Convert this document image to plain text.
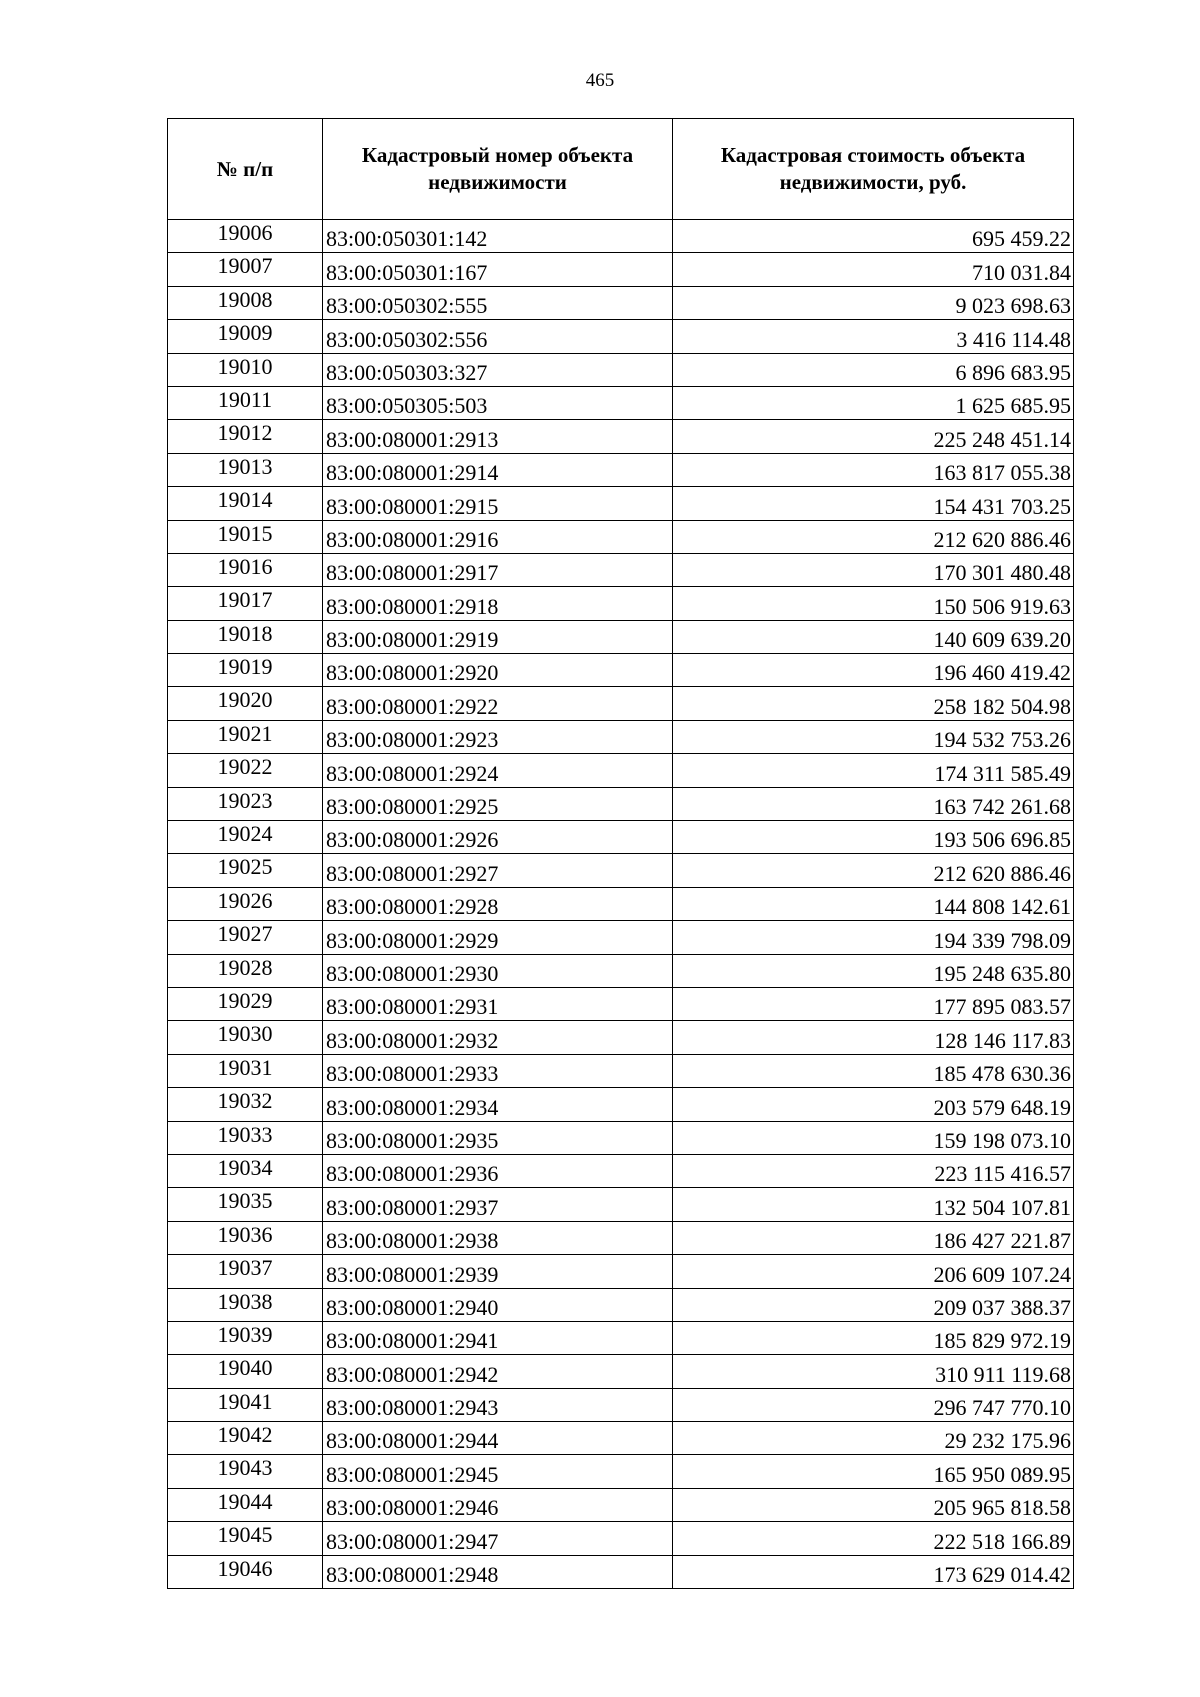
465
№ п/п	Кадастровый номер объекта недвижимости	Кадастровая стоимость объекта недвижимости, руб.
19006	83:00:050301:142	695 459.22
19007	83:00:050301:167	710 031.84
19008	83:00:050302:555	9 023 698.63
19009	83:00:050302:556	3 416 114.48
19010	83:00:050303:327	6 896 683.95
19011	83:00:050305:503	1 625 685.95
19012	83:00:080001:2913	225 248 451.14
19013	83:00:080001:2914	163 817 055.38
19014	83:00:080001:2915	154 431 703.25
19015	83:00:080001:2916	212 620 886.46
19016	83:00:080001:2917	170 301 480.48
19017	83:00:080001:2918	150 506 919.63
19018	83:00:080001:2919	140 609 639.20
19019	83:00:080001:2920	196 460 419.42
19020	83:00:080001:2922	258 182 504.98
19021	83:00:080001:2923	194 532 753.26
19022	83:00:080001:2924	174 311 585.49
19023	83:00:080001:2925	163 742 261.68
19024	83:00:080001:2926	193 506 696.85
19025	83:00:080001:2927	212 620 886.46
19026	83:00:080001:2928	144 808 142.61
19027	83:00:080001:2929	194 339 798.09
19028	83:00:080001:2930	195 248 635.80
19029	83:00:080001:2931	177 895 083.57
19030	83:00:080001:2932	128 146 117.83
19031	83:00:080001:2933	185 478 630.36
19032	83:00:080001:2934	203 579 648.19
19033	83:00:080001:2935	159 198 073.10
19034	83:00:080001:2936	223 115 416.57
19035	83:00:080001:2937	132 504 107.81
19036	83:00:080001:2938	186 427 221.87
19037	83:00:080001:2939	206 609 107.24
19038	83:00:080001:2940	209 037 388.37
19039	83:00:080001:2941	185 829 972.19
19040	83:00:080001:2942	310 911 119.68
19041	83:00:080001:2943	296 747 770.10
19042	83:00:080001:2944	29 232 175.96
19043	83:00:080001:2945	165 950 089.95
19044	83:00:080001:2946	205 965 818.58
19045	83:00:080001:2947	222 518 166.89
19046	83:00:080001:2948	173 629 014.42
